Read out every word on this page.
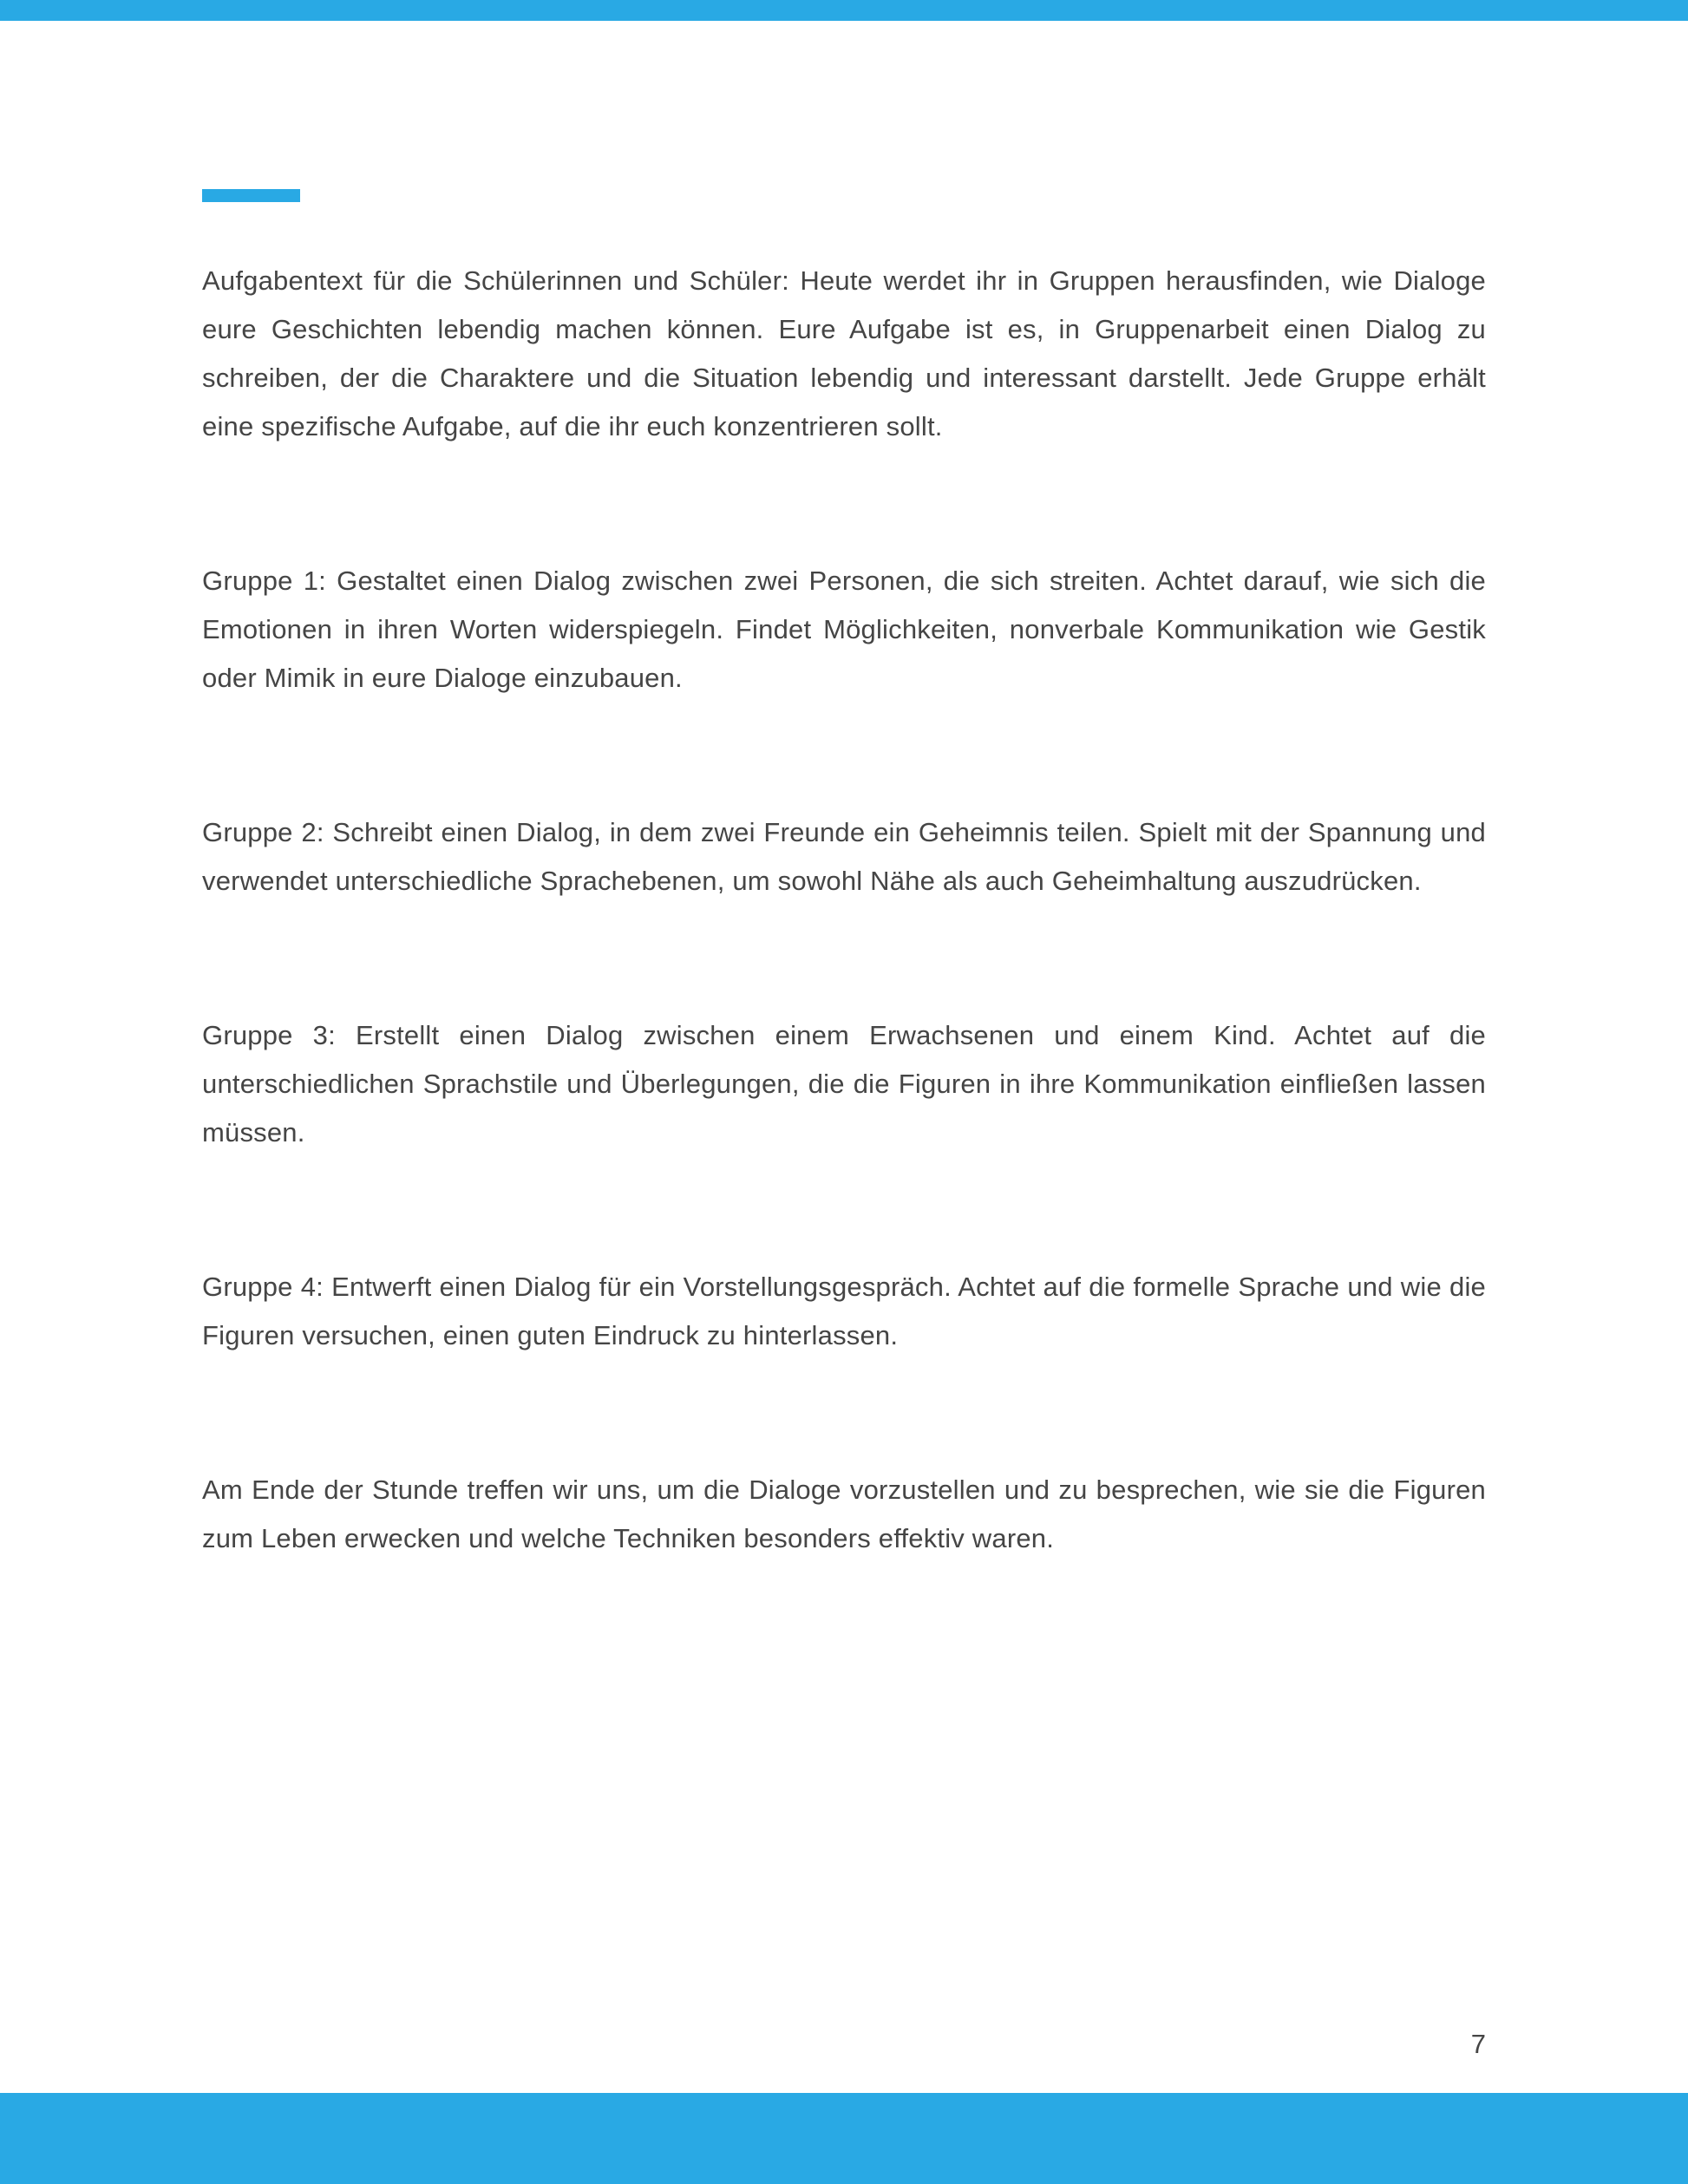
Aufgabentext für die Schülerinnen und Schüler: Heute werdet ihr in Gruppen herausfinden, wie Dialoge eure Geschichten lebendig machen können. Eure Aufgabe ist es, in Gruppenarbeit einen Dialog zu schreiben, der die Charaktere und die Situation lebendig und interessant darstellt. Jede Gruppe erhält eine spezifische Aufgabe, auf die ihr euch konzentrieren sollt.

Gruppe 1: Gestaltet einen Dialog zwischen zwei Personen, die sich streiten. Achtet darauf, wie sich die Emotionen in ihren Worten widerspiegeln. Findet Möglichkeiten, nonverbale Kommunikation wie Gestik oder Mimik in eure Dialoge einzubauen.

Gruppe 2: Schreibt einen Dialog, in dem zwei Freunde ein Geheimnis teilen. Spielt mit der Spannung und verwendet unterschiedliche Sprachebenen, um sowohl Nähe als auch Geheimhaltung auszudrücken.

Gruppe 3: Erstellt einen Dialog zwischen einem Erwachsenen und einem Kind. Achtet auf die unterschiedlichen Sprachstile und Überlegungen, die die Figuren in ihre Kommunikation einfließen lassen müssen.

Gruppe 4: Entwerft einen Dialog für ein Vorstellungsgespräch. Achtet auf die formelle Sprache und wie die Figuren versuchen, einen guten Eindruck zu hinterlassen.

Am Ende der Stunde treffen wir uns, um die Dialoge vorzustellen und zu besprechen, wie sie die Figuren zum Leben erwecken und welche Techniken besonders effektiv waren.

7
